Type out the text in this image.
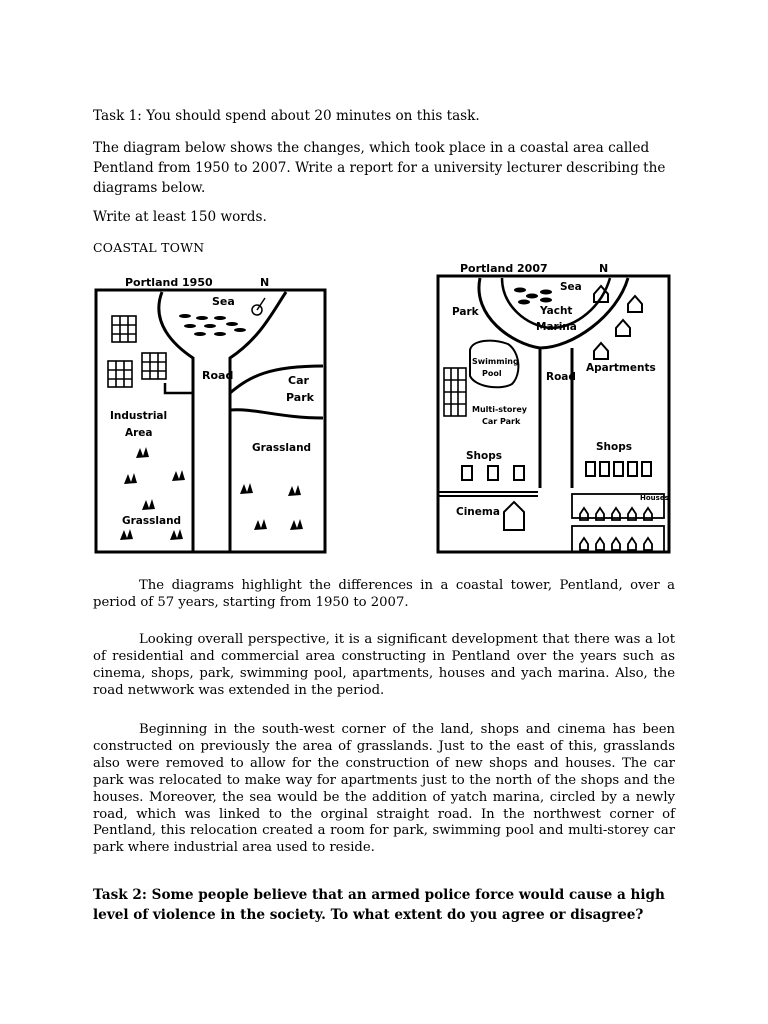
Task 1: You should spend about 20 minutes on this task.

The diagram below shows the changes, which took place in a coastal area called Pentland from 1950 to 2007. Write a report for a university lecturer describing the diagrams below.

Write at least 150 words.

COASTAL TOWN
Portland 1950	N
Sea
Road	Car
Park
Industrial
Area
Grassland
Grassland
Portland 2007	N
Sea
Yacht
Marina
Park
Apartments
Swimming
Pool	Road
Multi-storey
Car Park
Shops
Cinema
Shops
Houses

The diagrams highlight the differences in a coastal tower, Pentland, over a period of 57 years, starting from 1950 to 2007.

Looking overall perspective, it is a significant development that there was a lot of residential and commercial area constructing in Pentland over the years such as cinema, shops, park, swimming pool, apartments, houses and yach marina. Also, the road netwwork was extended in the period.

Beginning in the south-west corner of the land, shops and cinema has been constructed on previously the area of grasslands. Just to the east of this, grasslands also were removed to allow for the construction of new shops and houses. The car park was relocated to make way for apartments just to the north of the shops and the houses. Moreover, the sea would be the addition of yatch marina, circled by a newly road, which was linked to the orginal straight road. In the northwest corner of Pentland, this relocation created a room for park, swimming pool and multi-storey car park where industrial area used to reside.

Task 2: Some people believe that an armed police force would cause a high level of violence in the society. To what extent do you agree or disagree?
